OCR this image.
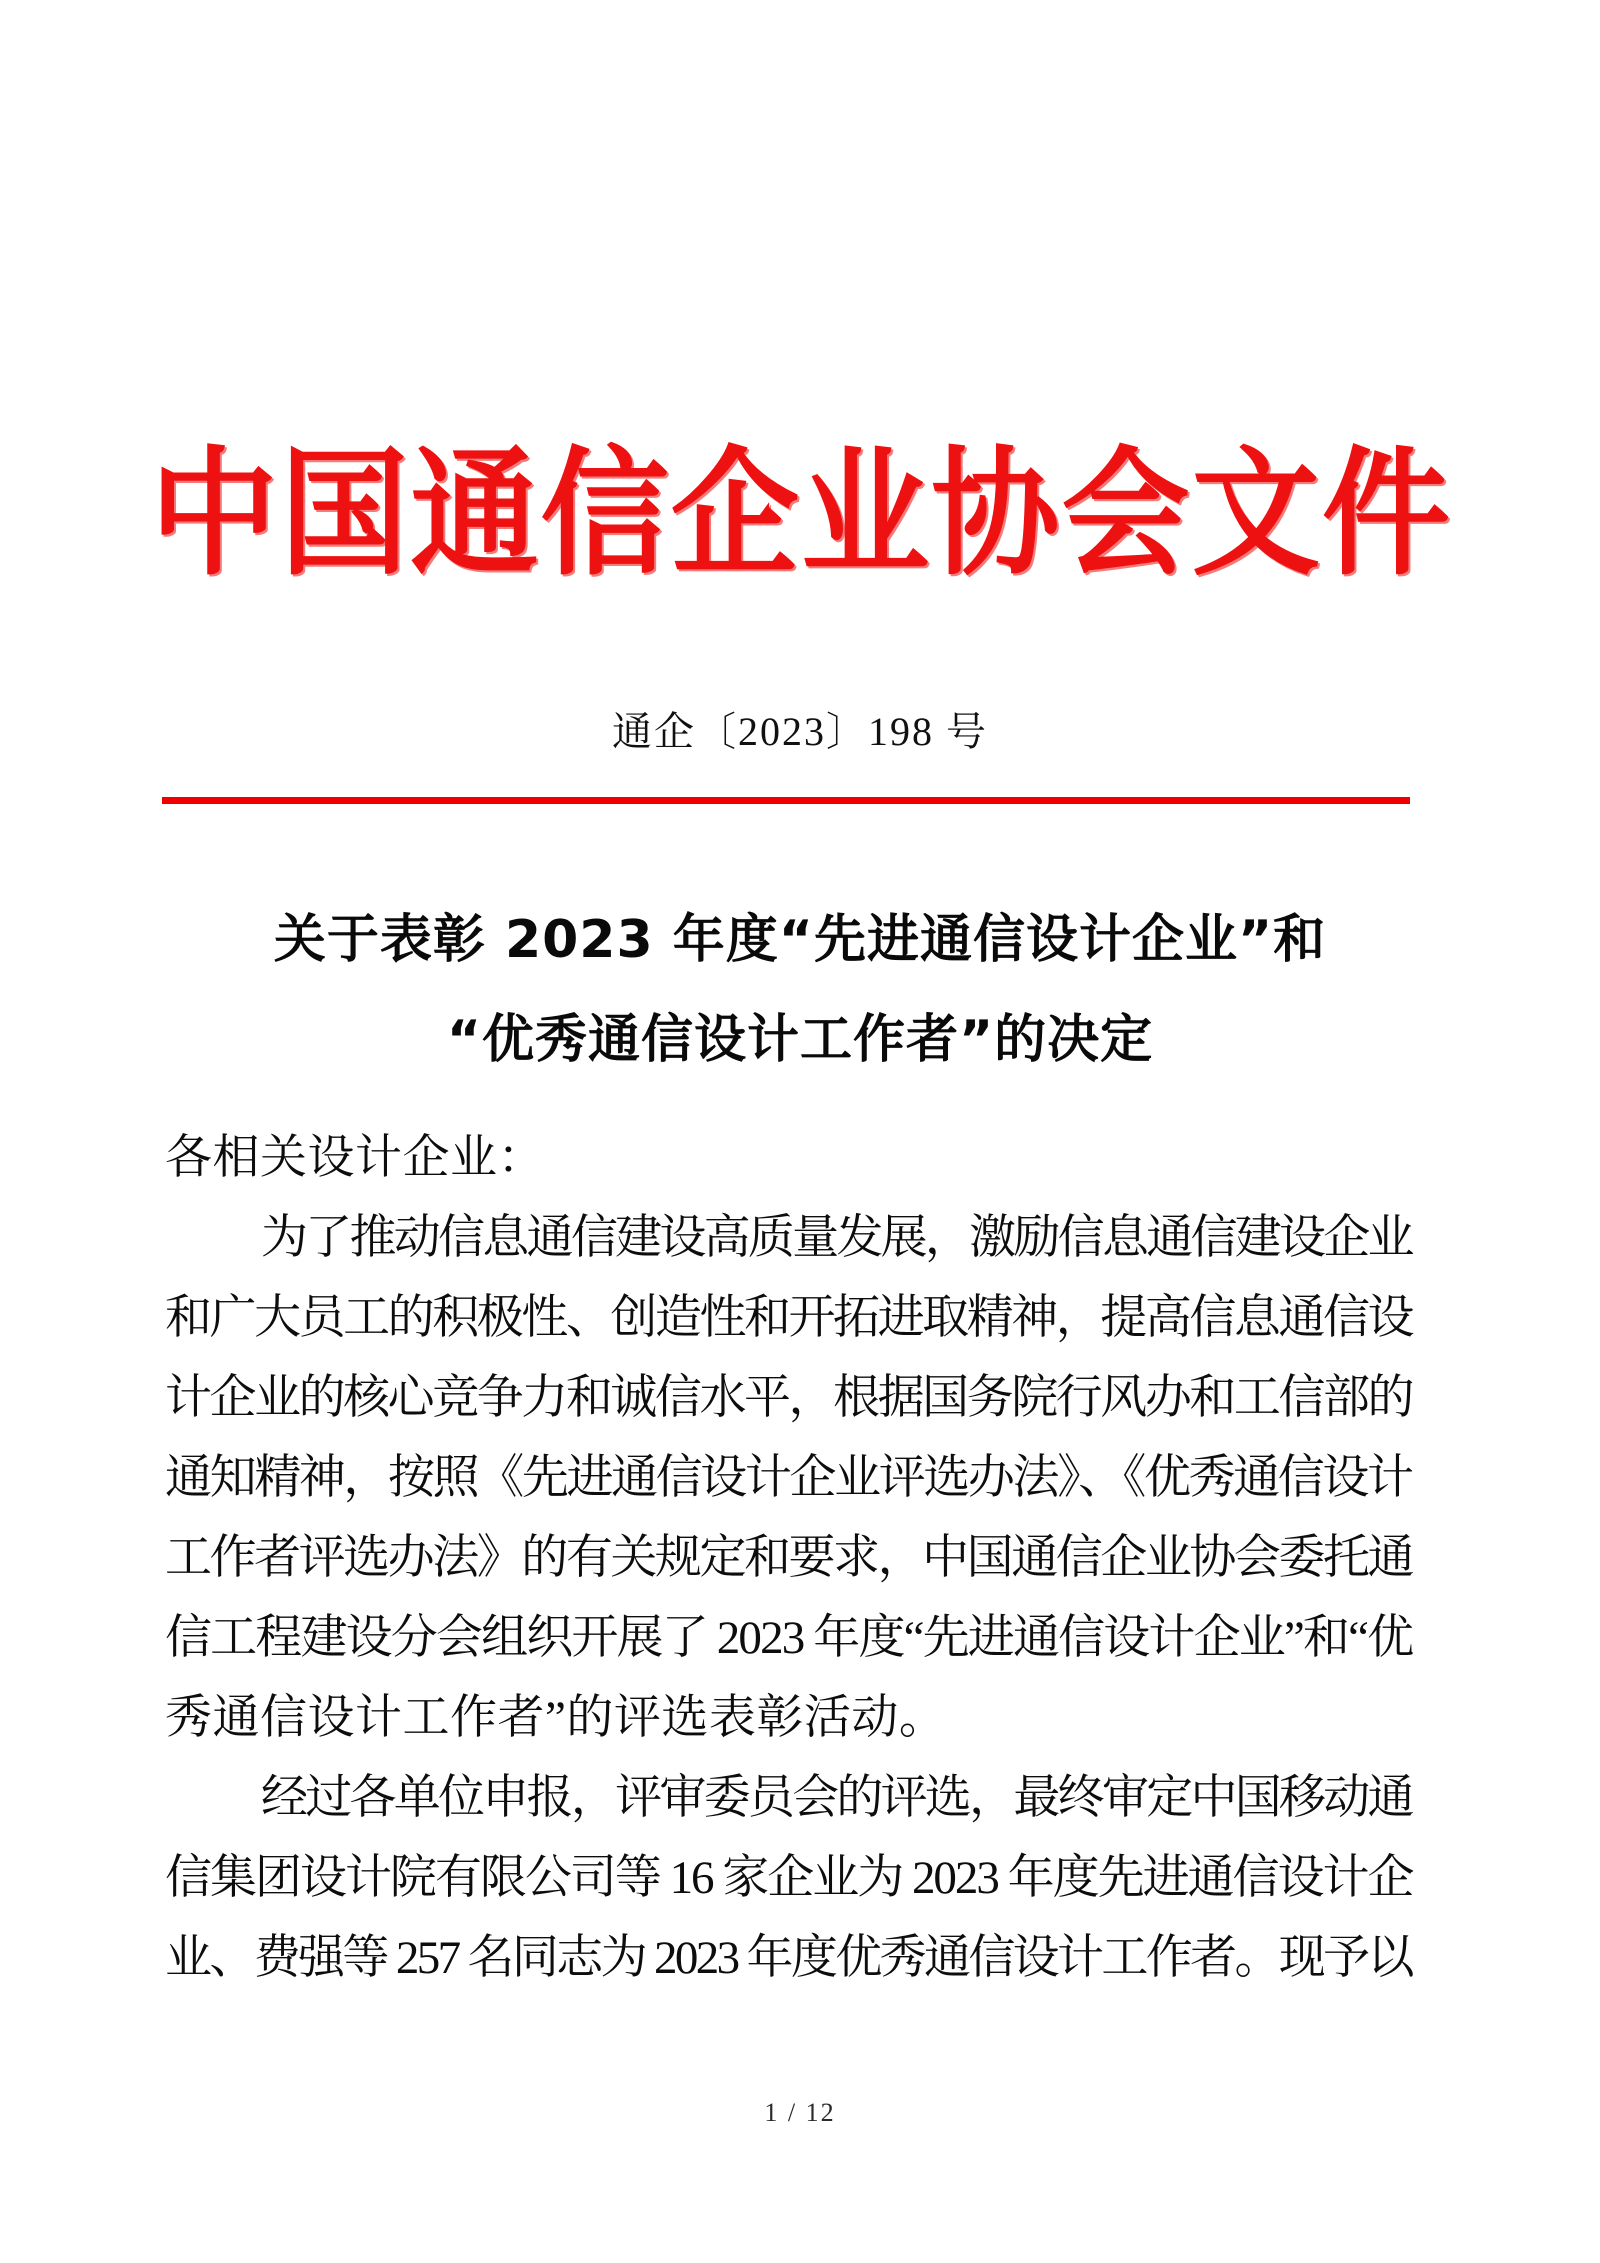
中 国 通 信 企 业 协 会 文 件
通企〔2023〕198 号
关于表彰 2023 年度“先进通信设计企业”和
“优秀通信设计工作者”的决定
各相关设计企业：
为了推动信息通信建设高质量发展，激励信息通信建设企业
和广大员工的积极性、创造性和开拓进取精神，提高信息通信设
计企业的核心竞争力和诚信水平，根据国务院行风办和工信部的
通知精神，按照《先进通信设计企业评选办法》、《优秀通信设计
工作者评选办法》的有关规定和要求，中国通信企业协会委托通
信工程建设分会组织开展了 2023 年度“先进通信设计企业”和“优
秀通信设计工作者”的评选表彰活动。
经过各单位申报，评审委员会的评选，最终审定中国移动通
信集团设计院有限公司等 16 家企业为 2023 年度先进通信设计企
业、费强等 257 名同志为 2023 年度优秀通信设计工作者。现予以
1 / 12
